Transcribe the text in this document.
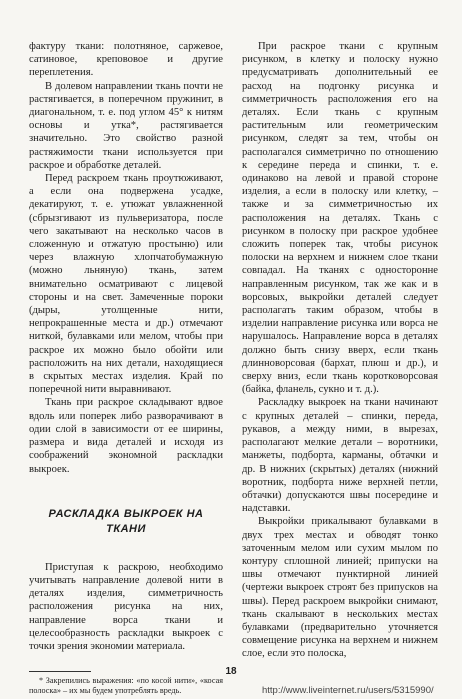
фактуру ткани: полотняное, саржевое, сатиновое, крепововое и другие переплетения.

В долевом направлении ткань почти не растягивается, в поперечном пружинит, в диагональном, т. е. под углом 45° к нитям основы и утка*, растягивается значительно. Это свойство разной растяжимости ткани используется при раскрое и обработке деталей.

Перед раскроем ткань проутюживают, а если она подвержена усадке, декатируют, т. е. утюжат увлажненной (сбрызгивают из пульверизатора, после чего закатывают на несколько часов в сложенную и отжатую простыню) или через влажную хлопчатобумажную (можно льняную) ткань, затем внимательно осматривают с лицевой стороны и на свет. Замеченные пороки (дыры, утолщенные нити, непрокрашенные места и др.) отмечают ниткой, булавками или мелом, чтобы при раскрое их можно было обойти или расположить на них детали, находящиеся в скрытых местах изделия. Край по поперечной нити выравнивают.

Ткань при раскрое складывают вдвое вдоль или поперек либо разворачивают в одии слой в зависимости от ее ширины, размера и вида деталей и исходя из соображений экономной раскладки выкроек.

РАСКЛАДКА ВЫКРОЕК НА ТКАНИ

Приступая к раскрою, необходимо учитывать направление долевой нити в деталях изделия, симметричность расположения рисунка на них, направление ворса ткани и целесообразность раскладки выкроек с точки зрения экономии материала.

* Закрепились выражения: «по косой нити», «косая полоска» – их мы будем употреблять вредь.

При раскрое ткани с крупным рисунком, в клетку и полоску нужно предусматривать дополнительный ее расход на подгонку рисунка и симметричность расположения его на деталях. Если ткань с крупным растительным или геометрическим рисунком, следят за тем, чтобы он располагался симметрично по отношению к середине переда и спинки, т. е. одинаково на левой и правой стороне изделия, а если в полоску или клетку, – также и за симметричностью их расположения на деталях. Ткань с рисунком в полоску при раскрое удобнее сложить поперек так, чтобы рисунок полоски на верхнем и нижнем слое ткани совпадал. На тканях с односторонне направленным рисунком, так же как и в ворсовых, выкройки деталей следует располагать таким образом, чтобы в изделии направление рисунка или ворса не нарушалось. Направление ворса в деталях должно быть снизу вверх, если ткань длинноворсовая (бархат, плюш и др.), и сверху вниз, если ткань коротковорсовая (байка, фланель, сукно и т. д.).

Раскладку выкроек на ткани начинают с крупных деталей – спинки, переда, рукавов, а между ними, в вырезах, располагают мелкие детали – воротники, манжеты, подборта, карманы, обтачки и др. В нижних (скрытых) деталях (нижний воротник, подборта ниже верхней петли, обтачки) допускаются швы посередине и надставки.

Выкройки прикалывают булавками в двух трех местах и обводят тонко заточенным мелом или сухим мылом по контуру сплошной линией; припуски на швы отмечают пунктирной линией (чертежи выкроек строят без припусков на швы). Перед раскроем выкройки снимают, ткань скалывают в нескольких местах булавками (предварительно уточняется совмещение рисунка на верхнем и нижнем слое, если это полоска,

18
http://www.liveinternet.ru/users/5315990/
